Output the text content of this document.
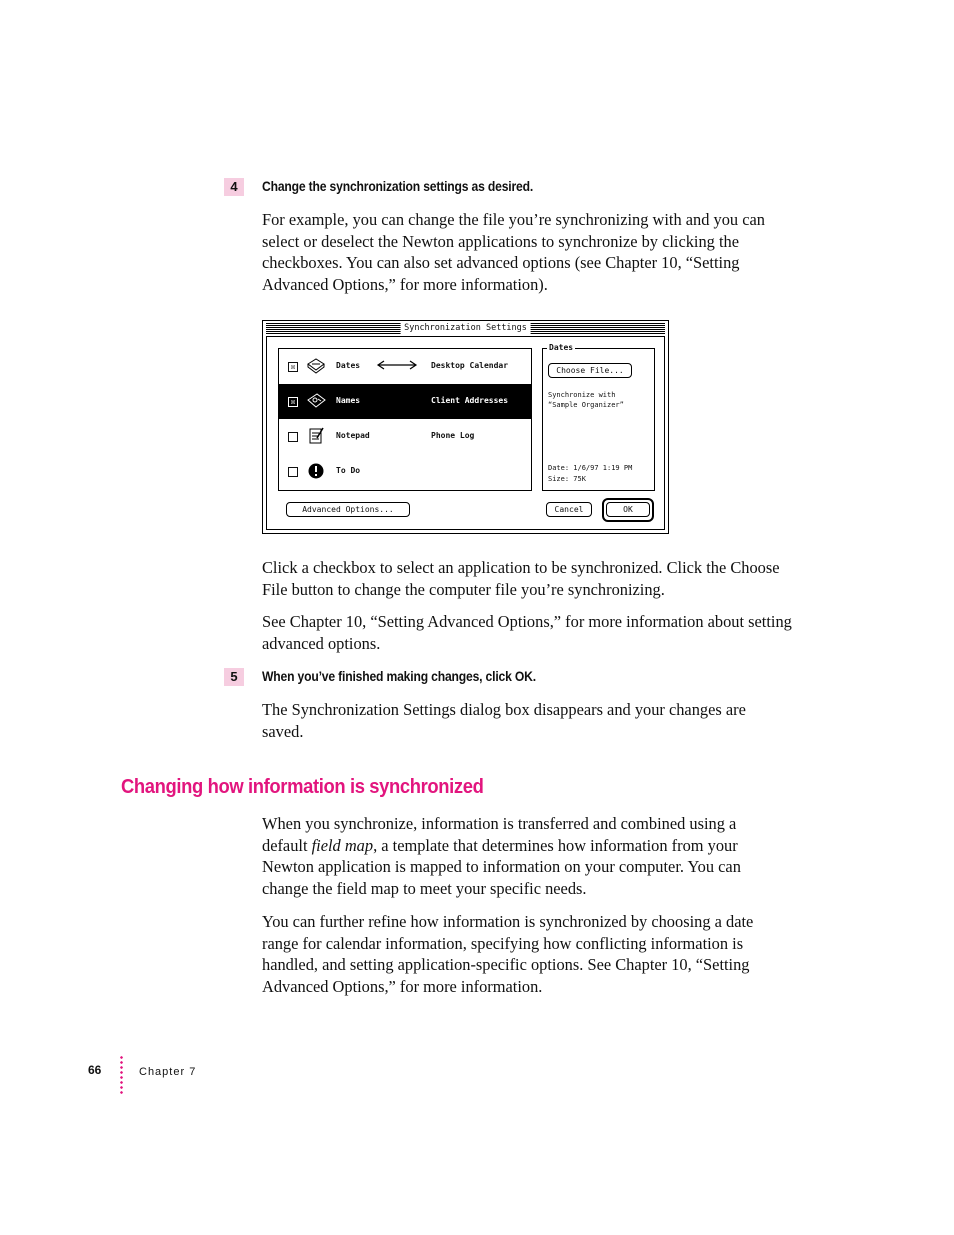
4	Change the synchronization settings as desired.
For example, you can change the file you’re synchronizing with and you can select or deselect the Newton applications to synchronize by clicking the checkboxes. You can also set advanced options (see Chapter 10, “Setting Advanced Options,” for more information).
Synchronization Settings
☒	Dates	Desktop Calendar
☒	Names	Client Addresses
Notepad	Phone Log
To Do
Dates
Choose File...
Synchronize with
“Sample Organizer”
Date: 1/6/97 1:19 PM
Size: 75K
Advanced Options...	Cancel	OK
Click a checkbox to select an application to be synchronized. Click the Choose File button to change the computer file you’re synchronizing.
See Chapter 10, “Setting Advanced Options,” for more information about setting advanced options.
5	When you’ve finished making changes, click OK.
The Synchronization Settings dialog box disappears and your changes are saved.
Changing how information is synchronized
When you synchronize, information is transferred and combined using a default field map, a template that determines how information from your Newton application is mapped to information on your computer. You can change the field map to meet your specific needs.
You can further refine how information is synchronized by choosing a date range for calendar information, specifying how conflicting information is handled, and setting application-specific options. See Chapter 10, “Setting Advanced Options,” for more information.
66	Chapter 7
